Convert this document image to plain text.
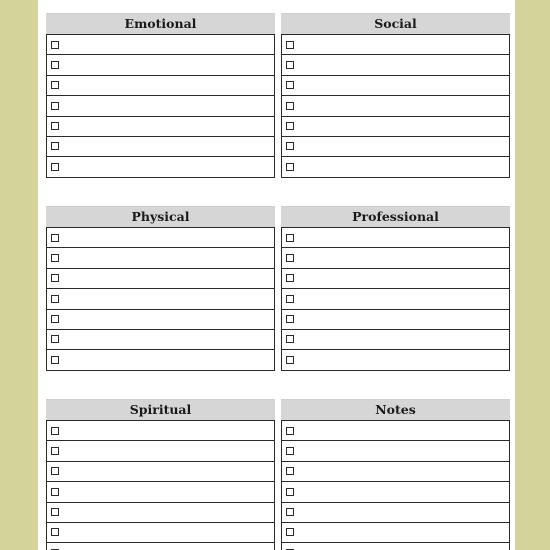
Emotional	Social
Physical	Professional
Spiritual	Notes
